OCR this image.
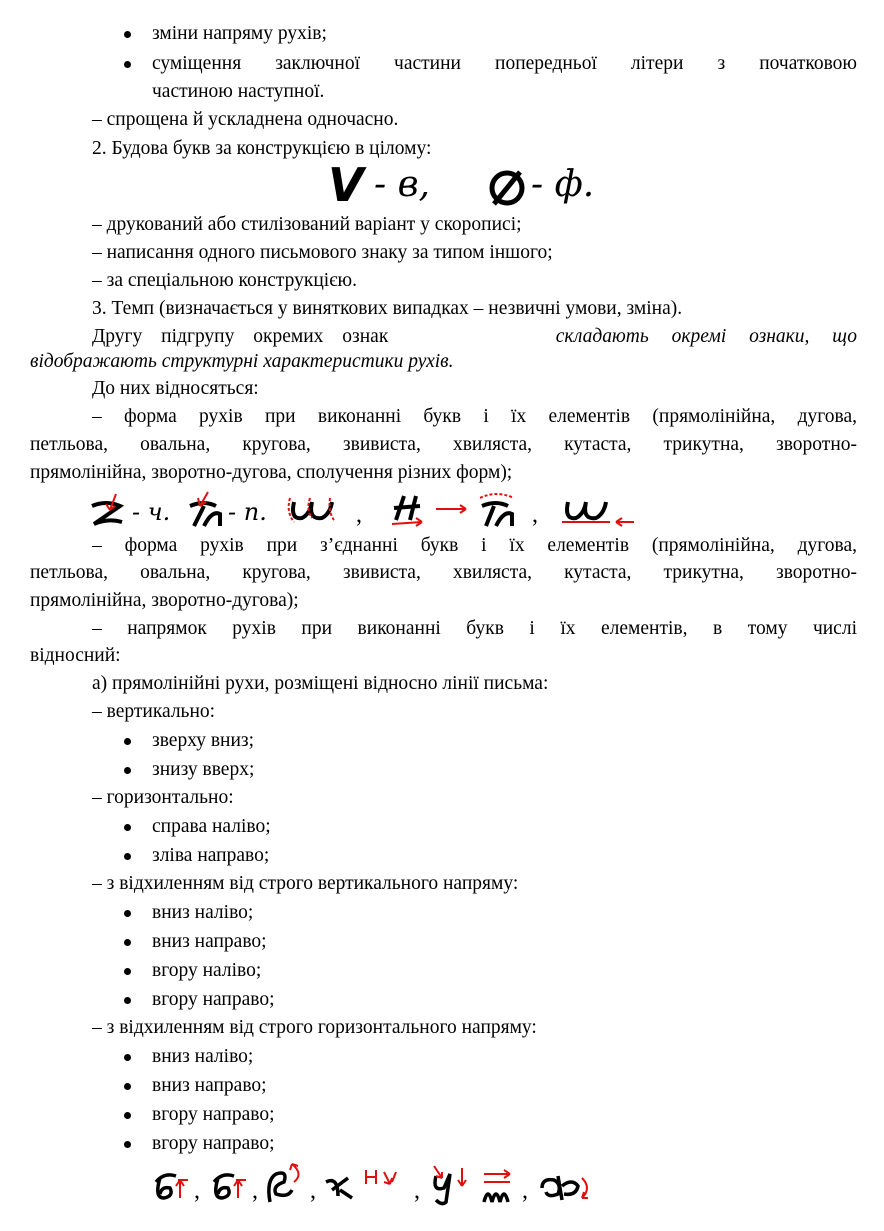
зміни напряму рухів;
суміщення заключної частини попередньої літери з початковою
частиною наступної.
– спрощена й ускладнена одночасно.
2. Будова букв за конструкцією в цілому:
V - в,	- ф.
– друкований або стилізований варіант у скорописі;
– написання одного письмового знаку за типом іншого;
– за спеціальною конструкцією.
3. Темп (визначається у виняткових випадках – незвичні умови, зміна).
Другу підгрупу окремих ознак	складають окремі ознаки, що
відображають структурні характеристики рухів.
До них відносяться:
– форма рухів при виконанні букв і їх елементів (прямолінійна, дугова,
петльова, овальна, кругова, звивиста, хвиляста, кутаста, трикутна, зворотно-
прямолінійна, зворотно-дугова, сполучення різних форм);
- ч. - п.	,	,
– форма рухів при з’єднанні букв і їх елементів (прямолінійна, дугова,
петльова, овальна, кругова, звивиста, хвиляста, кутаста, трикутна, зворотно-
прямолінійна, зворотно-дугова);
– напрямок рухів при виконанні букв і їх елементів, в тому числі
відносний:
а) прямолінійні рухи, розміщені відносно лінії письма:
– вертикально:
зверху вниз;
знизу вверх;
– горизонтально:
справа наліво;
зліва направо;
– з відхиленням від строго вертикального напряму:
вниз наліво;
вниз направо;
вгору наліво;
вгору направо;
– з відхиленням від строго горизонтального напряму:
вниз наліво;
вниз направо;
вгору направо;
вгору направо;
, , ,	,	,
